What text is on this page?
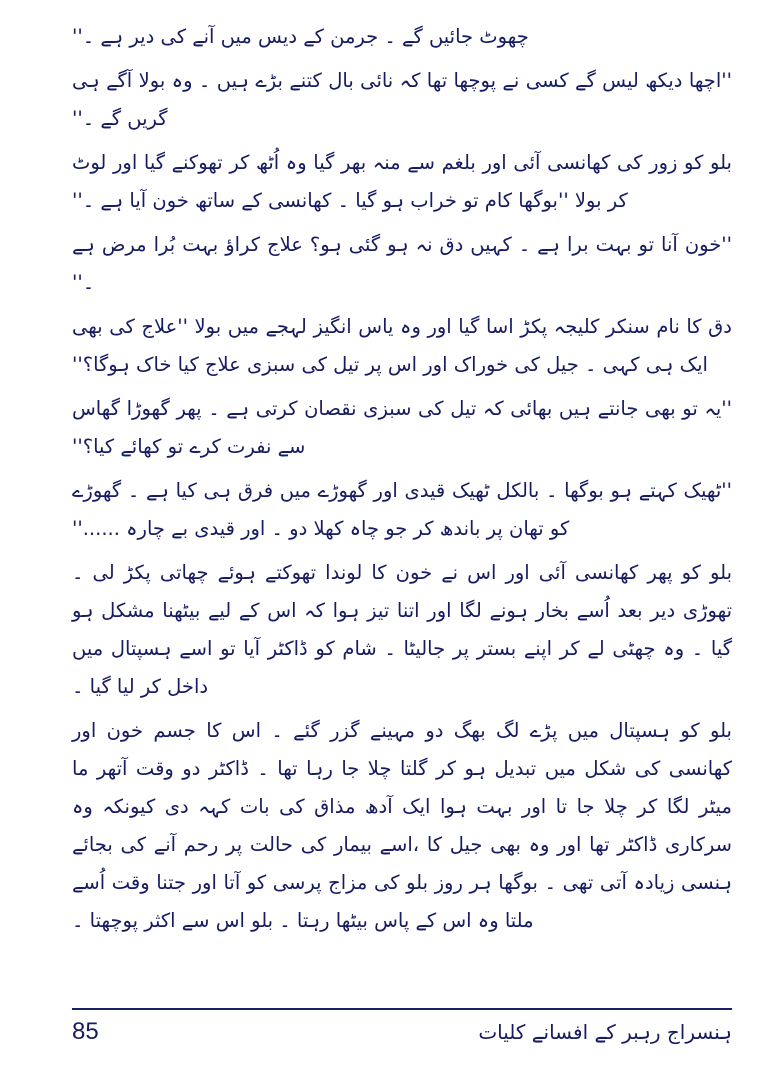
چھوٹ جائیں گے ۔ جرمن کے دیس میں آنے کی دیر ہے ۔''

''اچھا دیکھ لیس گے کسی نے پوچھا تھا کہ نائی بال کتنے بڑے ہیں ۔ وہ بولا آگے ہی گریں گے ۔''

بلو کو زور کی کھانسی آئی اور بلغم سے منہ بھر گیا وہ اُٹھ کر تھوکنے گیا اور لوٹ کر بولا ''بوگھا کام تو خراب ہو گیا ۔ کھانسی کے ساتھ خون آیا ہے ۔''

''خون آنا تو بہت برا ہے ۔ کہیں دق نہ ہو گئی ہو؟ علاج کراؤ بہت بُرا مرض ہے ۔''

دق کا نام سنکر کلیجہ پکڑ اسا گیا اور وہ یاس انگیز لہجے میں بولا ''علاج کی بھی ایک ہی کہی ۔ جیل کی خوراک اور اس پر تیل کی سبزی علاج کیا خاک ہوگا؟''

''یہ تو بھی جانتے ہیں بھائی کہ تیل کی سبزی نقصان کرتی ہے ۔ پھر گھوڑا گھاس سے نفرت کرے تو کھائے کیا؟''

''ٹھیک کہتے ہو بوگھا ۔ بالکل ٹھیک قیدی اور گھوڑے میں فرق ہی کیا ہے ۔ گھوڑے کو تھان پر باندھ کر جو چاہ کھلا دو ۔ اور قیدی بے چارہ ......''

بلو کو پھر کھانسی آئی اور اس نے خون کا لوندا تھوکتے ہوئے چھاتی پکڑ لی ۔ تھوڑی دیر بعد اُسے بخار ہونے لگا اور اتنا تیز ہوا کہ اس کے لیے بیٹھنا مشکل ہو گیا ۔ وہ چھٹی لے کر اپنے بستر پر جالیٹا ۔ شام کو ڈاکٹر آیا تو اسے ہسپتال میں داخل کر لیا گیا ۔

بلو کو ہسپتال میں پڑے لگ بھگ دو مہینے گزر گئے ۔ اس کا جسم خون اور کھانسی کی شکل میں تبدیل ہو کر گلتا چلا جا رہا تھا ۔ ڈاکٹر دو وقت آتھر ما میٹر لگا کر چلا جا تا اور بہت ہوا ایک آدھ مذاق کی بات کہہ دی کیونکہ وہ سرکاری ڈاکٹر تھا اور وہ بھی جیل کا ،اسے بیمار کی حالت پر رحم آنے کی بجائے ہنسی زیادہ آتی تھی ۔ بوگھا ہر روز بلو کی مزاج پرسی کو آتا اور جتنا وقت اُسے ملتا وہ اس کے پاس بیٹھا رہتا ۔ بلو اس سے اکثر پوچھتا ۔

ہنسراج رہبر کے افسانے کلیات
85
